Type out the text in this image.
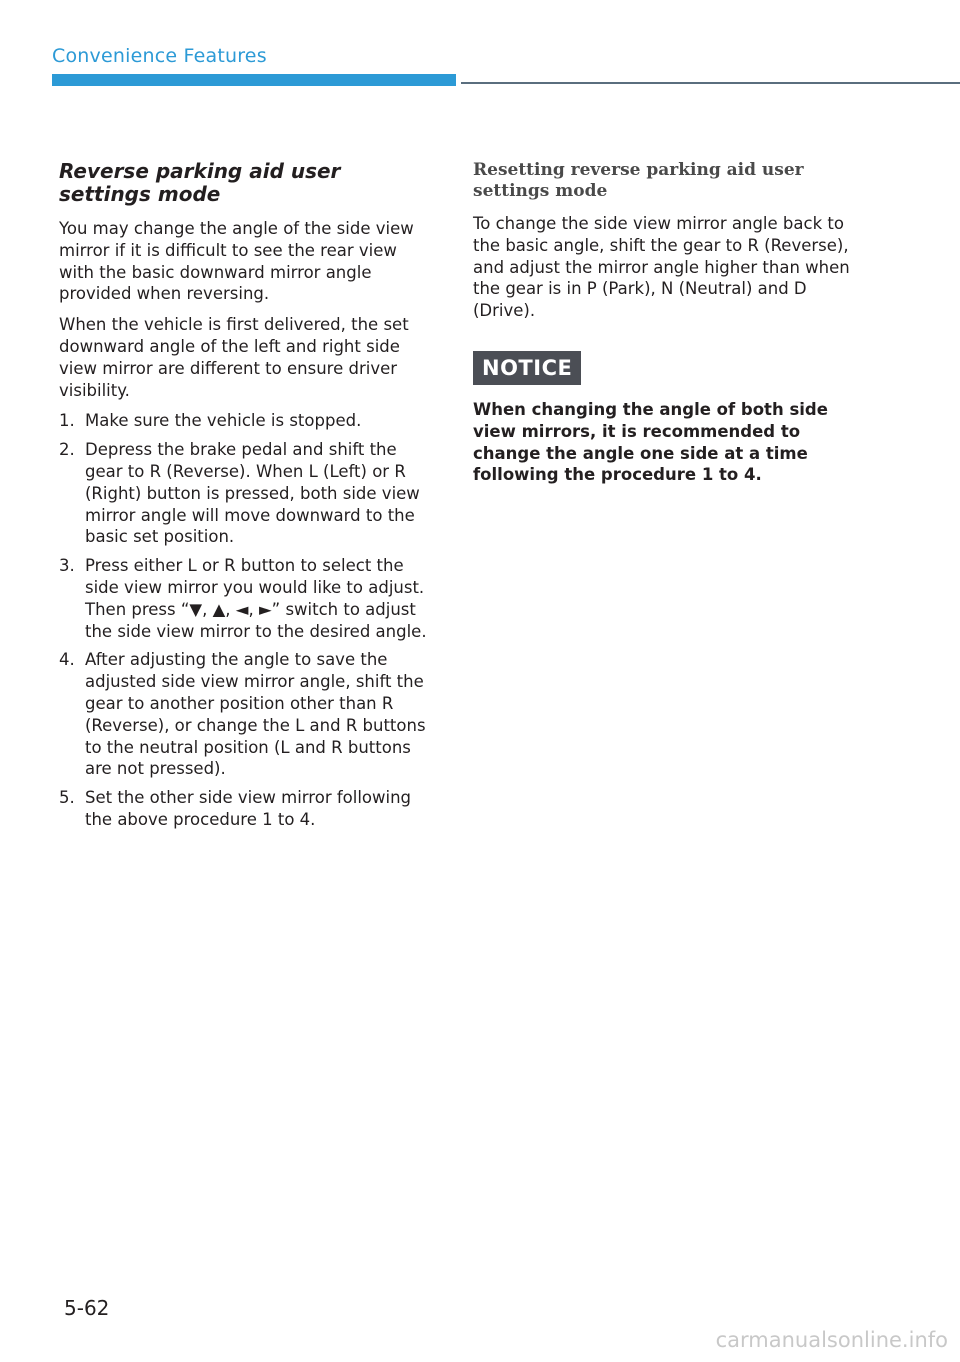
Convenience Features
Reverse parking aid user settings mode

You may change the angle of the side view mirror if it is difficult to see the rear view with the basic downward mirror angle provided when reversing.

When the vehicle is first delivered, the set downward angle of the left and right side view mirror are different to ensure driver visibility.

1. Make sure the vehicle is stopped.
2. Depress the brake pedal and shift the gear to R (Reverse). When L (Left) or R (Right) button is pressed, both side view mirror angle will move downward to the basic set position.
3. Press either L or R button to select the side view mirror you would like to adjust. Then press “▼, ▲, ◄, ►” switch to adjust the side view mirror to the desired angle.
4. After adjusting the angle to save the adjusted side view mirror angle, shift the gear to another position other than R (Reverse), or change the L and R buttons to the neutral position (L and R buttons are not pressed).
5. Set the other side view mirror following the above procedure 1 to 4.
Resetting reverse parking aid user settings mode

To change the side view mirror angle back to the basic angle, shift the gear to R (Reverse), and adjust the mirror angle higher than when the gear is in P (Park), N (Neutral) and D (Drive).

NOTICE
When changing the angle of both side view mirrors, it is recommended to change the angle one side at a time following the procedure 1 to 4.
5-62
carmanualsonline.info
